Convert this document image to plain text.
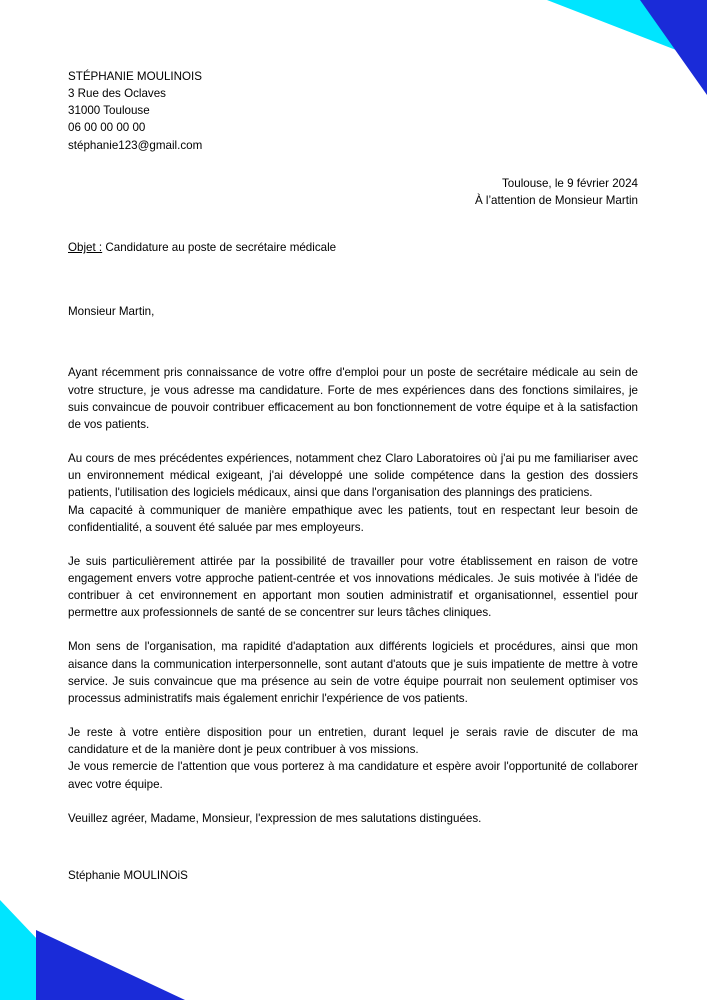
STÉPHANIE MOULINOIS
3 Rue des Oclaves
31000 Toulouse
06 00 00 00 00
stéphanie123@gmail.com
Toulouse, le 9 février 2024
À l’attention de Monsieur Martin
Objet : Candidature au poste de secrétaire médicale
Monsieur Martin,

Ayant récemment pris connaissance de votre offre d'emploi pour un poste de secrétaire médicale au sein de votre structure, je vous adresse ma candidature. Forte de mes expériences dans des fonctions similaires, je suis convaincue de pouvoir contribuer efficacement au bon fonctionnement de votre équipe et à la satisfaction de vos patients.

Au cours de mes précédentes expériences, notamment chez Claro Laboratoires où j'ai pu me familiariser avec un environnement médical exigeant, j'ai développé une solide compétence dans la gestion des dossiers patients, l'utilisation des logiciels médicaux, ainsi que dans l'organisation des plannings des praticiens.
Ma capacité à communiquer de manière empathique avec les patients, tout en respectant leur besoin de confidentialité, a souvent été saluée par mes employeurs.

Je suis particulièrement attirée par la possibilité de travailler pour votre établissement en raison de votre engagement envers votre approche patient-centrée et vos innovations médicales. Je suis motivée à l'idée de contribuer à cet environnement en apportant mon soutien administratif et organisationnel, essentiel pour permettre aux professionnels de santé de se concentrer sur leurs tâches cliniques.

Mon sens de l'organisation, ma rapidité d'adaptation aux différents logiciels et procédures, ainsi que mon aisance dans la communication interpersonnelle, sont autant d'atouts que je suis impatiente de mettre à votre service. Je suis convaincue que ma présence au sein de votre équipe pourrait non seulement optimiser vos processus administratifs mais également enrichir l'expérience de vos patients.

Je reste à votre entière disposition pour un entretien, durant lequel je serais ravie de discuter de ma candidature et de la manière dont je peux contribuer à vos missions.
Je vous remercie de l'attention que vous porterez à ma candidature et espère avoir l'opportunité de collaborer avec votre équipe.

Veuillez agréer, Madame, Monsieur, l'expression de mes salutations distinguées.

Stéphanie MOULINOiS
